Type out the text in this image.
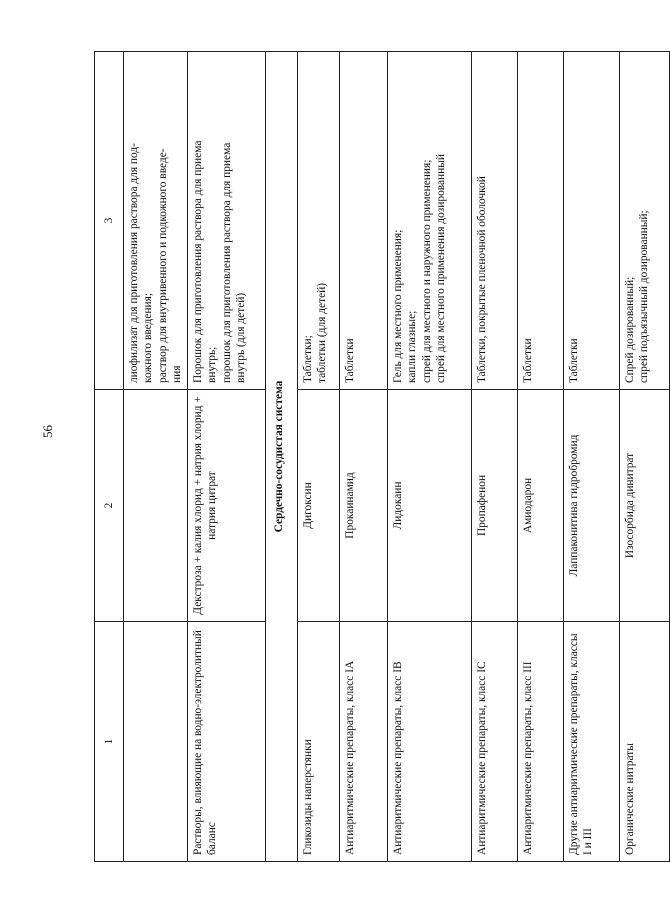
56
1	2	3

		лиофилизат для приготовления раствора для под- кожного введения; раствор для внутривенного и подкожного введе- ния

Растворы, влияющие на водно-электролитный баланс	Декстроза + калия хлорид + натрия хлорид + натрия цитрат	Порошок для приготовления раствора для приема внутрь; порошок для приготовления раствора для приема внутрь (для детей)

Сердечно-сосудистая система		
Гликозиды наперстянки	Дигоксин	Таблетки; таблетки (для детей)

Антиаритмические препараты, класс IA	Прокаинамид	Таблетки

Антиаритмические препараты, класс IB	Лидокаин	Гель для местного применения; капли глазные; спрей для местного и наружного применения; спрей для местного применения дозированный

Антиаритмические препараты, класс IC	Пропафенон	Таблетки, покрытые пленочной оболочкой

Антиаритмические препараты, класс III	Амиодарон	Таблетки

Другие антиаритмические препараты, классы I и III	Лаппаконитина гидробромид	Таблетки

Органические нитраты	Изосорбида динитрат	Спрей дозированный; спрей подъязычный дозированный;
